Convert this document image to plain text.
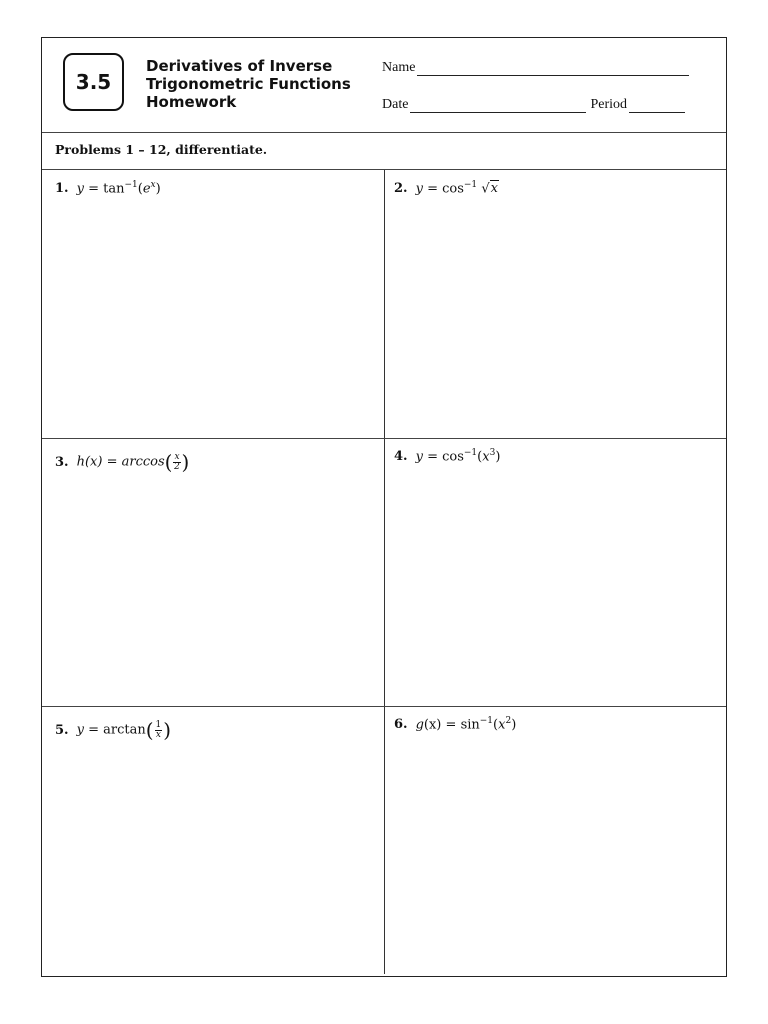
3.5
Derivatives of Inverse
Trigonometric Functions
Homework
Name
Date	Period
Problems 1 – 12, differentiate.
1. $y = \tan^{-1}(e^x)$	2. $y = \cos^{-1} √x$
3. $h(x) = \arccos( \frac{x}{2}$ )	4. $y = \cos^{-1}(x^3)$
5. $y = \arctan( \frac{1}{x}$ )	6. $g(x) = \sin^{-1}(x^2)$
